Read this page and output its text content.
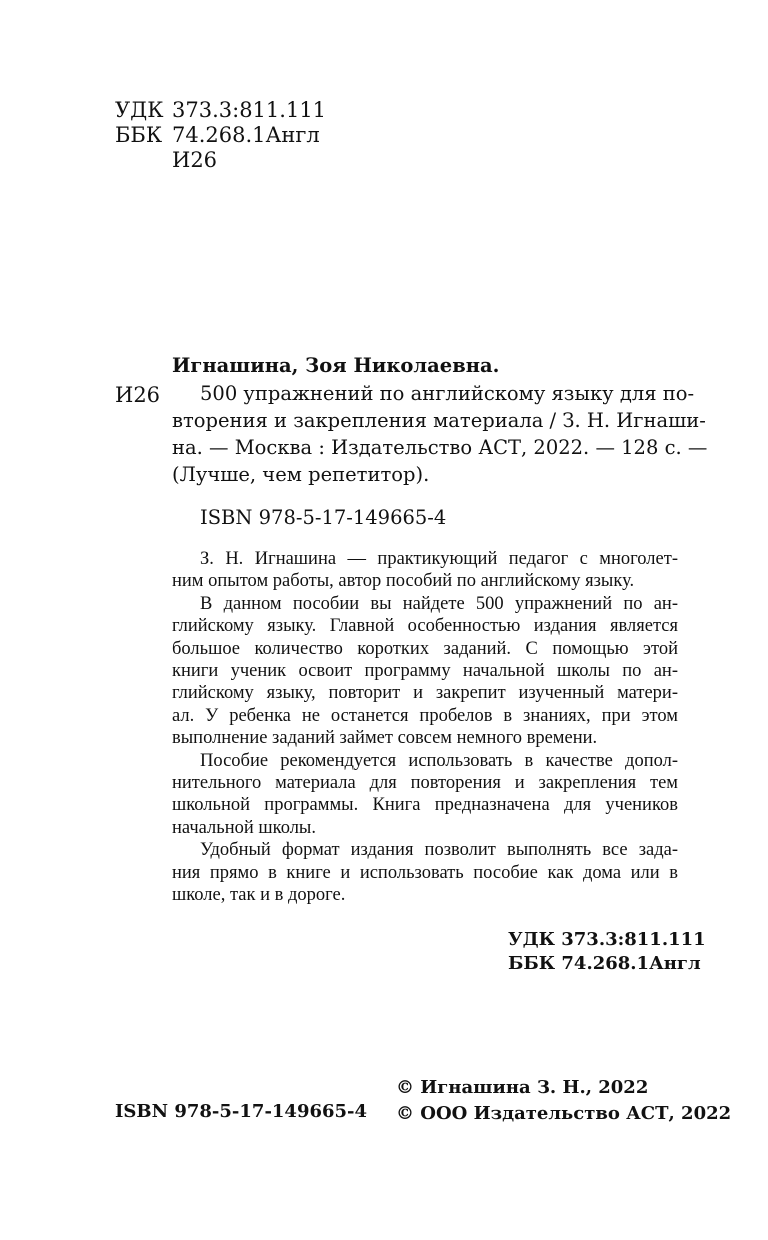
УДК 373.3:811.111
ББК 74.268.1Англ
И26
Игнашина, Зоя Николаевна.
И26	500 упражнений по английскому языку для по-
вторения и закрепления материала / З. Н. Игнаши-
на. — Москва : Издательство АСТ, 2022. — 128 с. —
(Лучше, чем репетитор).
ISBN 978-5-17-149665-4
З. Н. Игнашина — практикующий педагог с многолет-
ним опытом работы, автор пособий по английскому языку.
В данном пособии вы найдете 500 упражнений по ан-
глийскому языку. Главной особенностью издания является
большое количество коротких заданий. С помощью этой
книги ученик освоит программу начальной школы по ан-
глийскому языку, повторит и закрепит изученный матери-
ал. У ребенка не останется пробелов в знаниях, при этом
выполнение заданий займет совсем немного времени.
Пособие рекомендуется использовать в качестве допол-
нительного материала для повторения и закрепления тем
школьной программы. Книга предназначена для учеников
начальной школы.
Удобный формат издания позволит выполнять все зада-
ния прямо в книге и использовать пособие как дома или в
школе, так и в дороге.
УДК 373.3:811.111
ББК 74.268.1Англ
© Игнашина З. Н., 2022
© ООО Издательство АСТ, 2022
ISBN 978-5-17-149665-4
